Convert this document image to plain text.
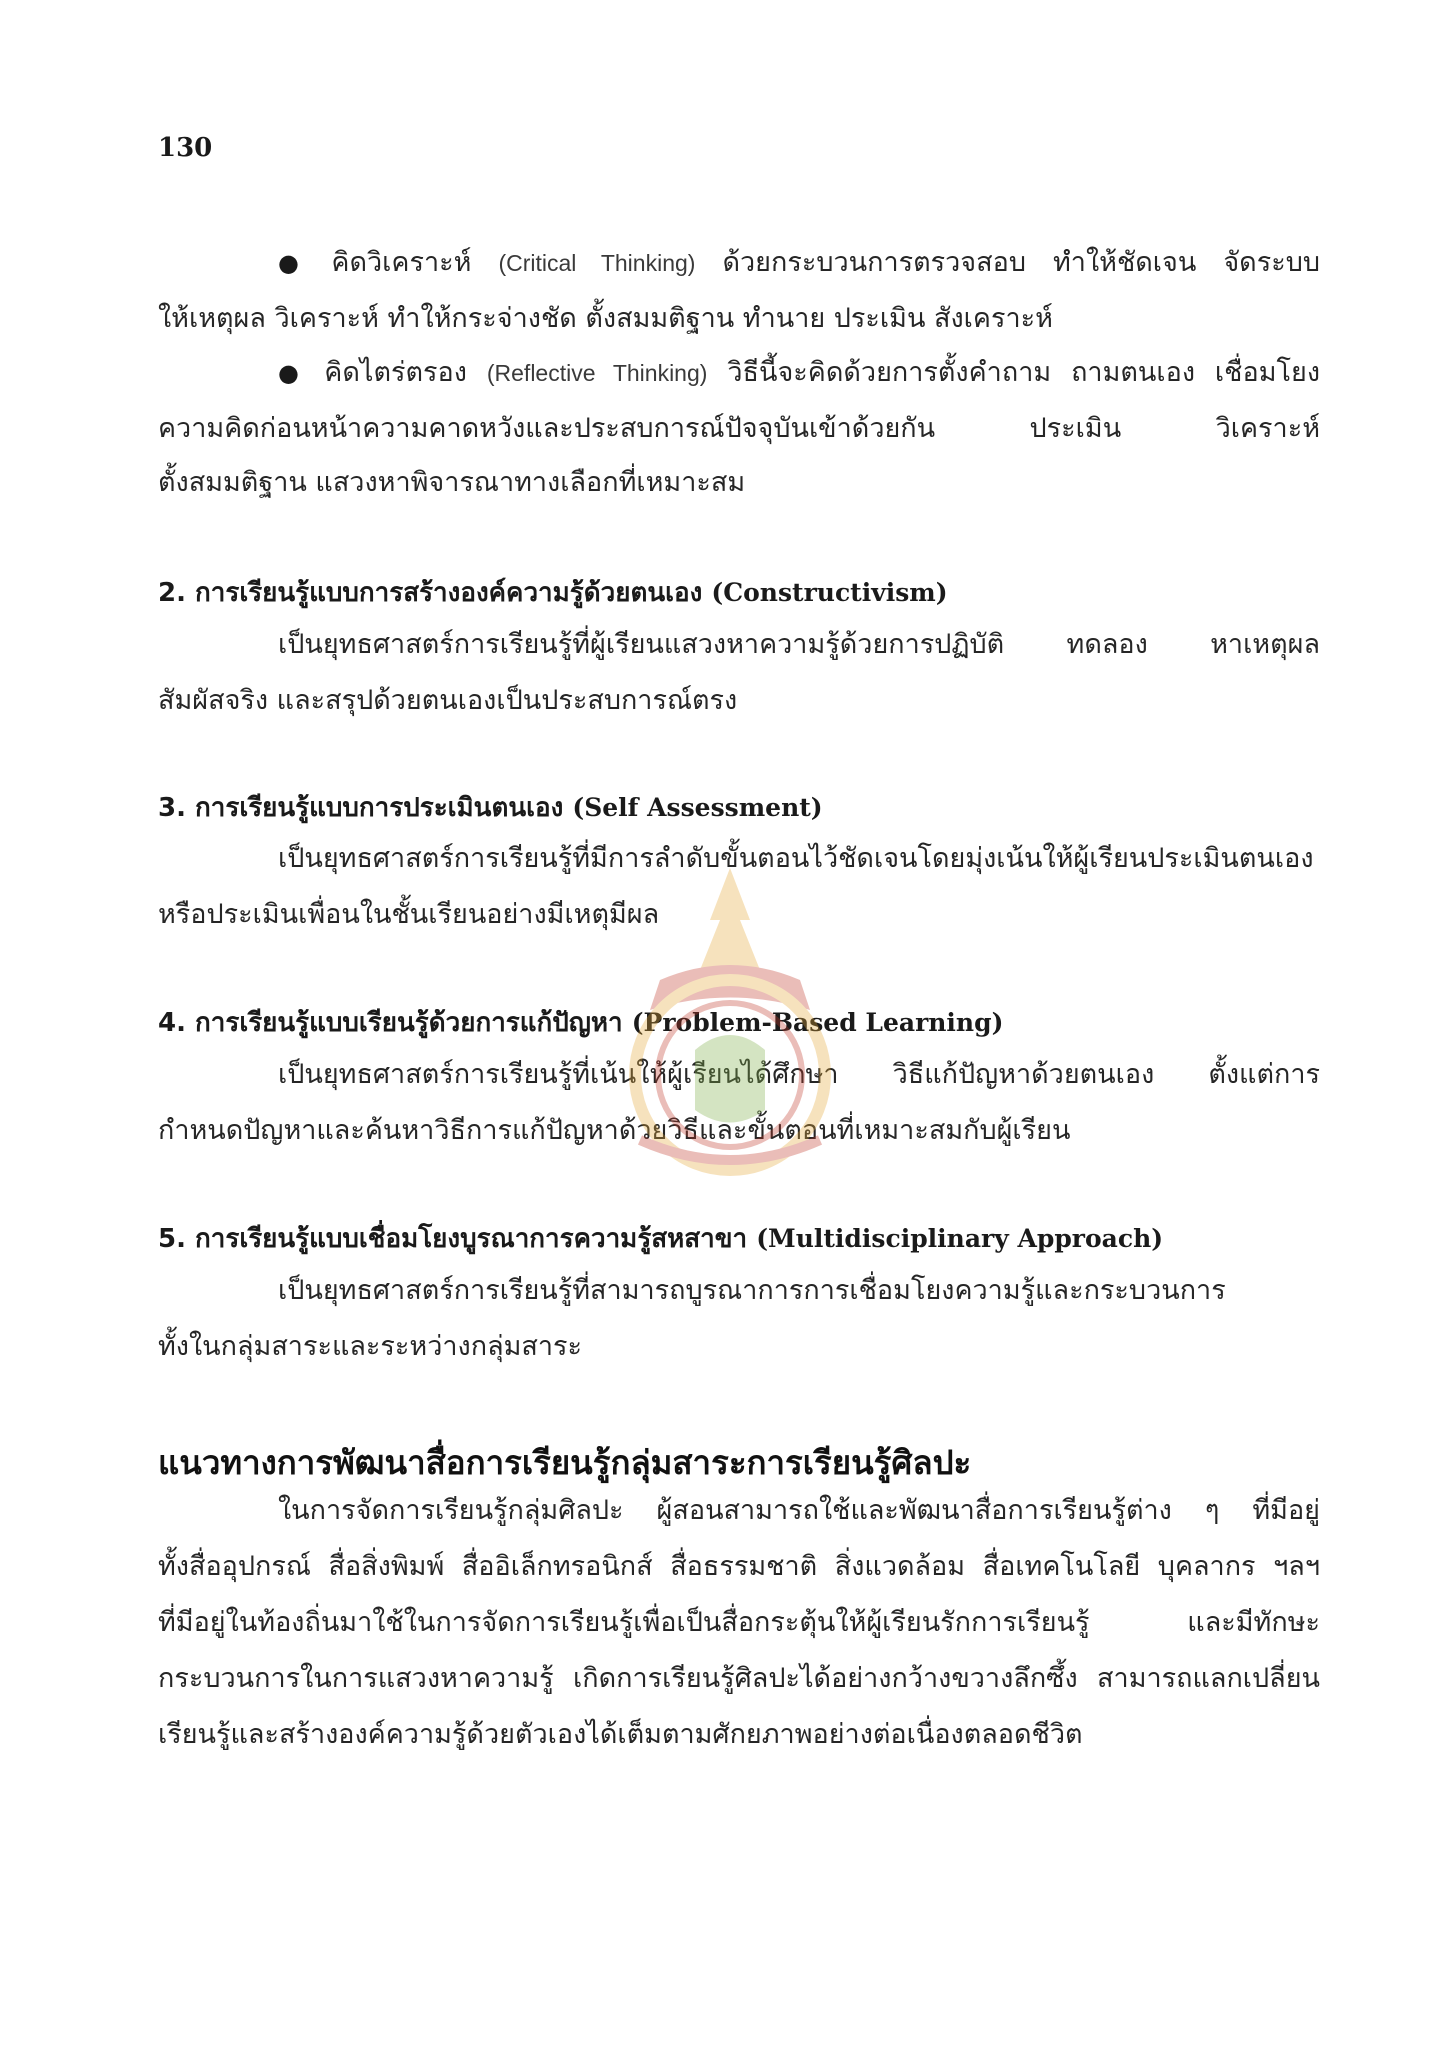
130

● คิดวิเคราะห์ (Critical Thinking) ด้วยกระบวนการตรวจสอบ ทำให้ชัดเจน จัดระบบ

ให้เหตุผล วิเคราะห์ ทำให้กระจ่างชัด ตั้งสมมติฐาน ทำนาย ประเมิน สังเคราะห์

● คิดไตร่ตรอง (Reflective Thinking) วิธีนี้จะคิดด้วยการตั้งคำถาม ถามตนเอง เชื่อมโยง

ความคิดก่อนหน้าความคาดหวังและประสบการณ์ปัจจุบันเข้าด้วยกัน ประเมิน วิเคราะห์

ตั้งสมมติฐาน แสวงหาพิจารณาทางเลือกที่เหมาะสม

2. การเรียนรู้แบบการสร้างองค์ความรู้ด้วยตนเอง (Constructivism)

เป็นยุทธศาสตร์การเรียนรู้ที่ผู้เรียนแสวงหาความรู้ด้วยการปฏิบัติ ทดลอง หาเหตุผล

สัมผัสจริง และสรุปด้วยตนเองเป็นประสบการณ์ตรง

3. การเรียนรู้แบบการประเมินตนเอง (Self Assessment)

เป็นยุทธศาสตร์การเรียนรู้ที่มีการลำดับขั้นตอนไว้ชัดเจนโดยมุ่งเน้นให้ผู้เรียนประเมินตนเอง

หรือประเมินเพื่อนในชั้นเรียนอย่างมีเหตุมีผล

4. การเรียนรู้แบบเรียนรู้ด้วยการแก้ปัญหา (Problem-Based Learning)

เป็นยุทธศาสตร์การเรียนรู้ที่เน้นให้ผู้เรียนได้ศึกษา วิธีแก้ปัญหาด้วยตนเอง ตั้งแต่การ

กำหนดปัญหาและค้นหาวิธีการแก้ปัญหาด้วยวิธีและขั้นตอนที่เหมาะสมกับผู้เรียน

5. การเรียนรู้แบบเชื่อมโยงบูรณาการความรู้สหสาขา (Multidisciplinary Approach)

เป็นยุทธศาสตร์การเรียนรู้ที่สามารถบูรณาการการเชื่อมโยงความรู้และกระบวนการ

ทั้งในกลุ่มสาระและระหว่างกลุ่มสาระ

แนวทางการพัฒนาสื่อการเรียนรู้กลุ่มสาระการเรียนรู้ศิลปะ

ในการจัดการเรียนรู้กลุ่มศิลปะ ผู้สอนสามารถใช้และพัฒนาสื่อการเรียนรู้ต่าง ๆ ที่มีอยู่

ทั้งสื่ออุปกรณ์ สื่อสิ่งพิมพ์ สื่ออิเล็กทรอนิกส์ สื่อธรรมชาติ สิ่งแวดล้อม สื่อเทคโนโลยี บุคลากร ฯลฯ

ที่มีอยู่ในท้องถิ่นมาใช้ในการจัดการเรียนรู้เพื่อเป็นสื่อกระตุ้นให้ผู้เรียนรักการเรียนรู้ และมีทักษะ

กระบวนการในการแสวงหาความรู้ เกิดการเรียนรู้ศิลปะได้อย่างกว้างขวางลึกซึ้ง สามารถแลกเปลี่ยน

เรียนรู้และสร้างองค์ความรู้ด้วยตัวเองได้เต็มตามศักยภาพอย่างต่อเนื่องตลอดชีวิต
